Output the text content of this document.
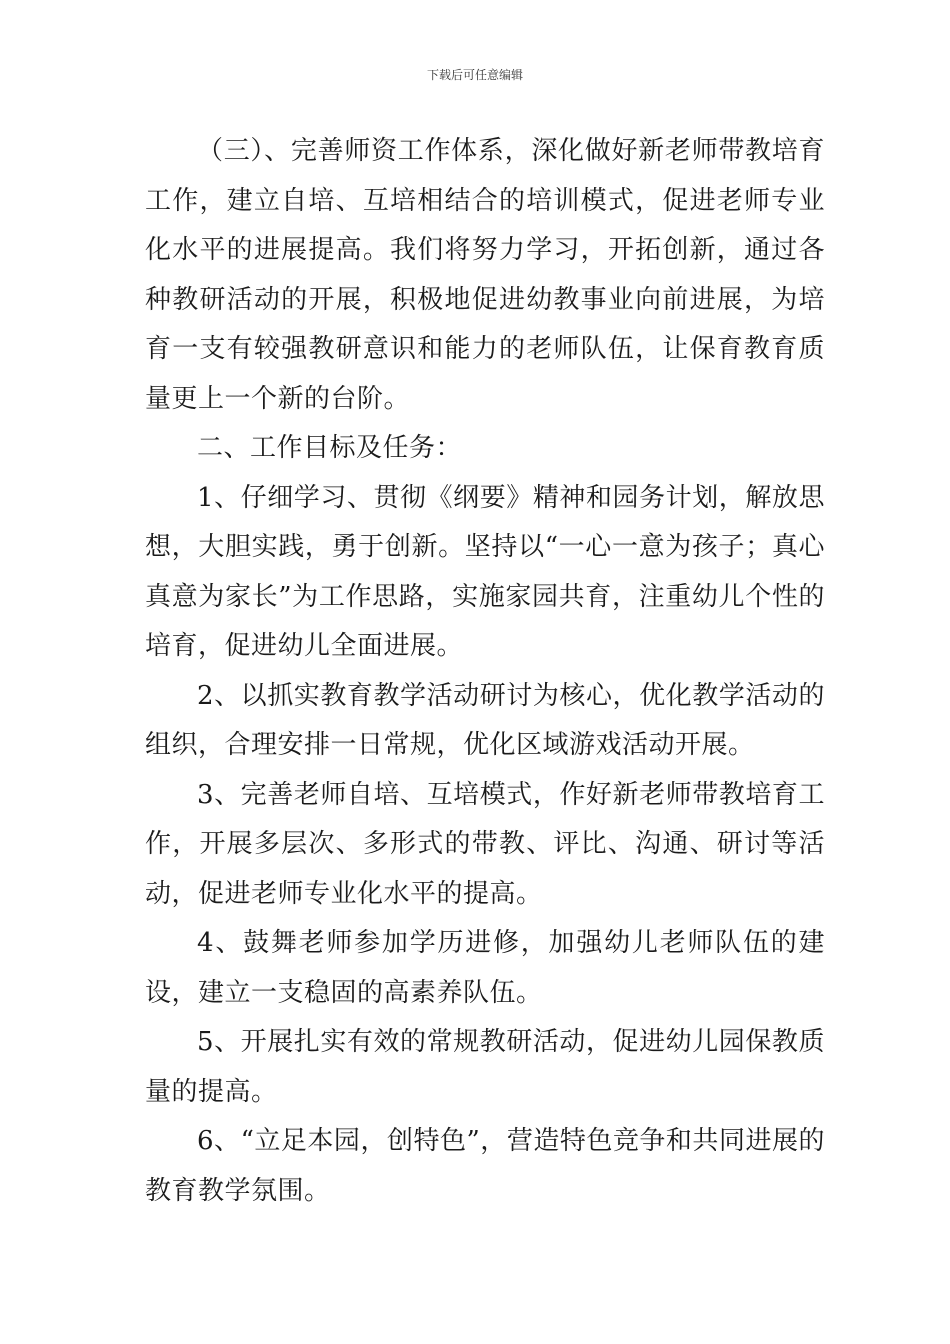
下载后可任意编辑

（三）、完善师资工作体系，深化做好新老师带教培育工作，建立自培、互培相结合的培训模式，促进老师专业化水平的进展提高。我们将努力学习，开拓创新，通过各种教研活动的开展，积极地促进幼教事业向前进展，为培育一支有较强教研意识和能力的老师队伍，让保育教育质量更上一个新的台阶。

二、工作目标及任务：

1、仔细学习、贯彻《纲要》精神和园务计划，解放思想，大胆实践，勇于创新。坚持以“一心一意为孩子；真心真意为家长”为工作思路，实施家园共育，注重幼儿个性的培育，促进幼儿全面进展。

2、以抓实教育教学活动研讨为核心，优化教学活动的组织，合理安排一日常规，优化区域游戏活动开展。

3、完善老师自培、互培模式，作好新老师带教培育工作，开展多层次、多形式的带教、评比、沟通、研讨等活动，促进老师专业化水平的提高。

4、鼓舞老师参加学历进修，加强幼儿老师队伍的建设，建立一支稳固的高素养队伍。

5、开展扎实有效的常规教研活动，促进幼儿园保教质量的提高。

6、“立足本园，创特色”，营造特色竞争和共同进展的教育教学氛围。
